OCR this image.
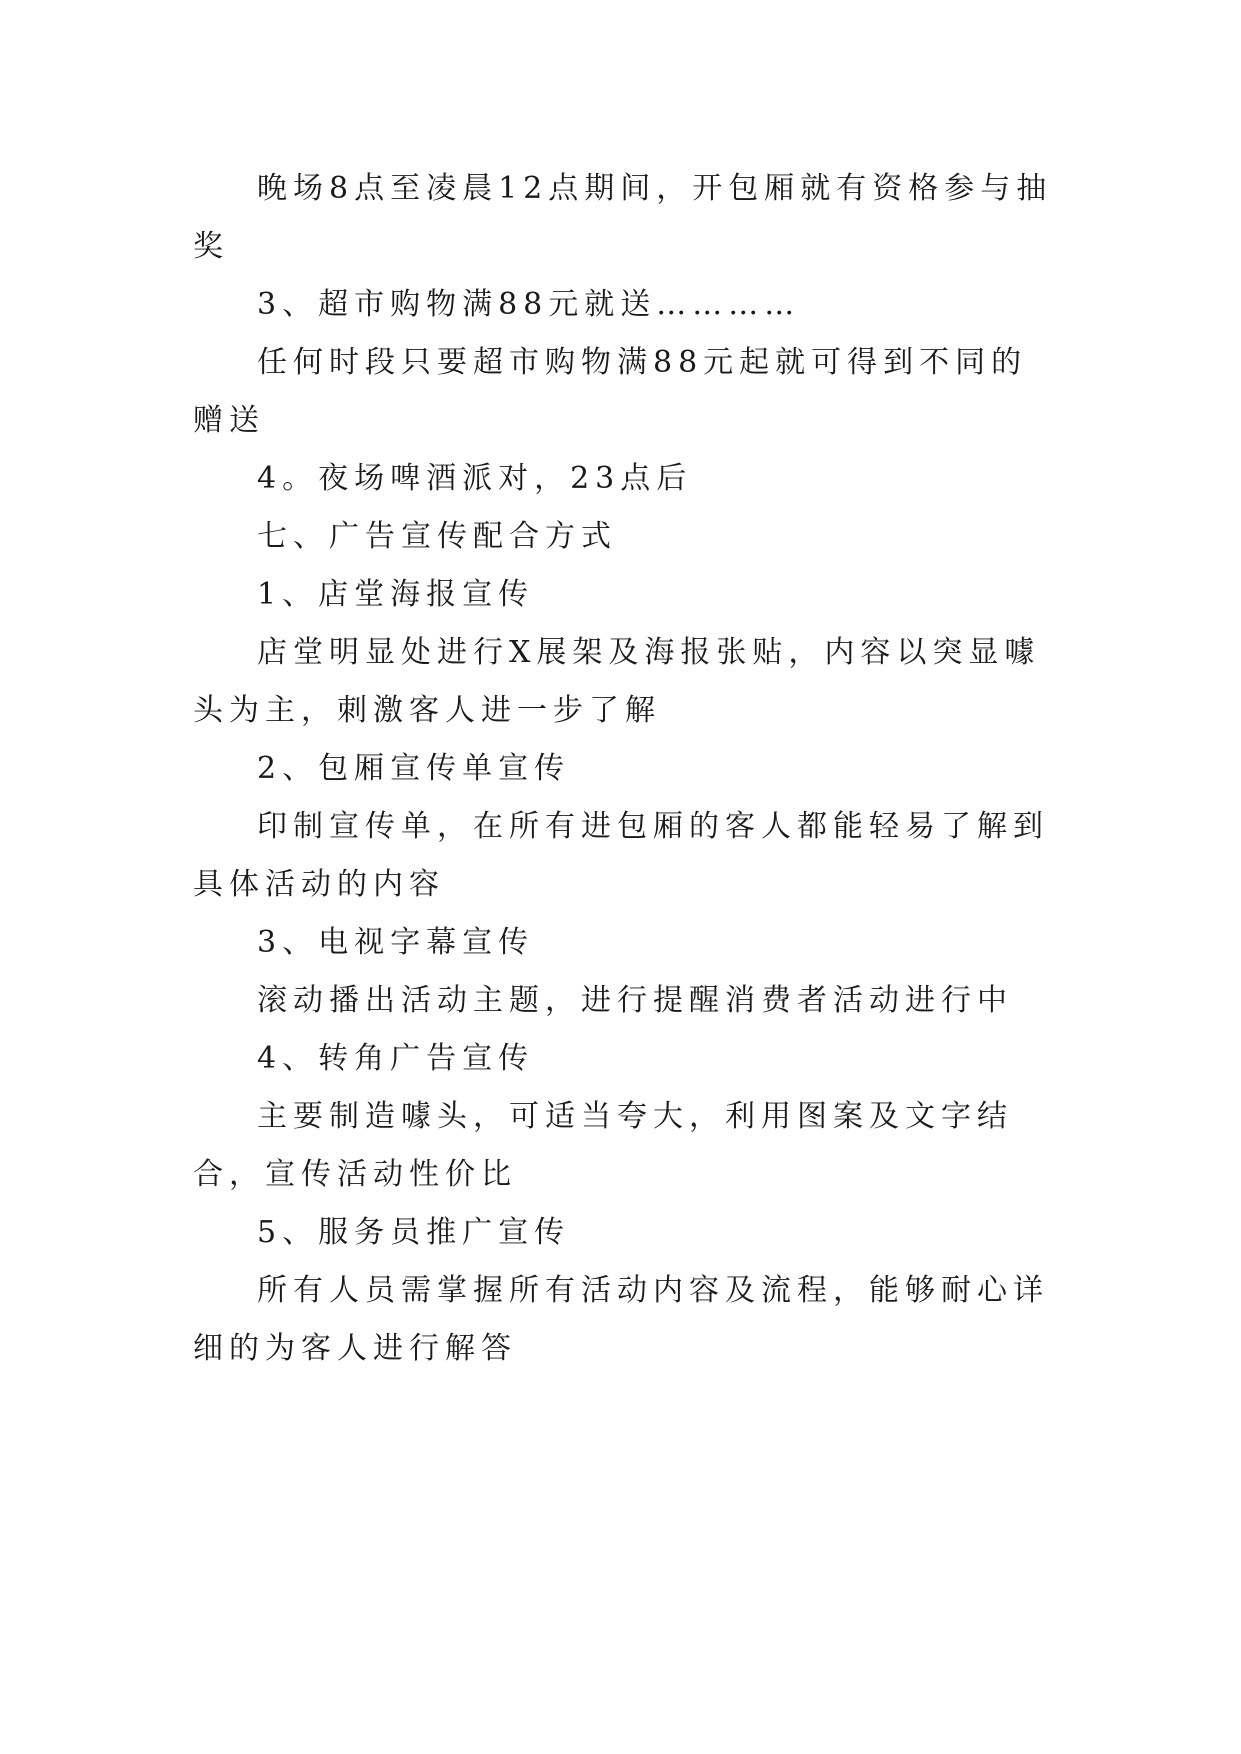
晚场8点至凌晨12点期间，开包厢就有资格参与抽奖

3、超市购物满88元就送…………

任何时段只要超市购物满88元起就可得到不同的赠送

4。夜场啤酒派对，23点后

七、广告宣传配合方式

1、店堂海报宣传

店堂明显处进行X展架及海报张贴，内容以突显噱头为主，刺激客人进一步了解

2、包厢宣传单宣传

印制宣传单，在所有进包厢的客人都能轻易了解到具体活动的内容

3、电视字幕宣传

滚动播出活动主题，进行提醒消费者活动进行中

4、转角广告宣传

主要制造噱头，可适当夸大，利用图案及文字结合，宣传活动性价比

5、服务员推广宣传

所有人员需掌握所有活动内容及流程，能够耐心详细的为客人进行解答
